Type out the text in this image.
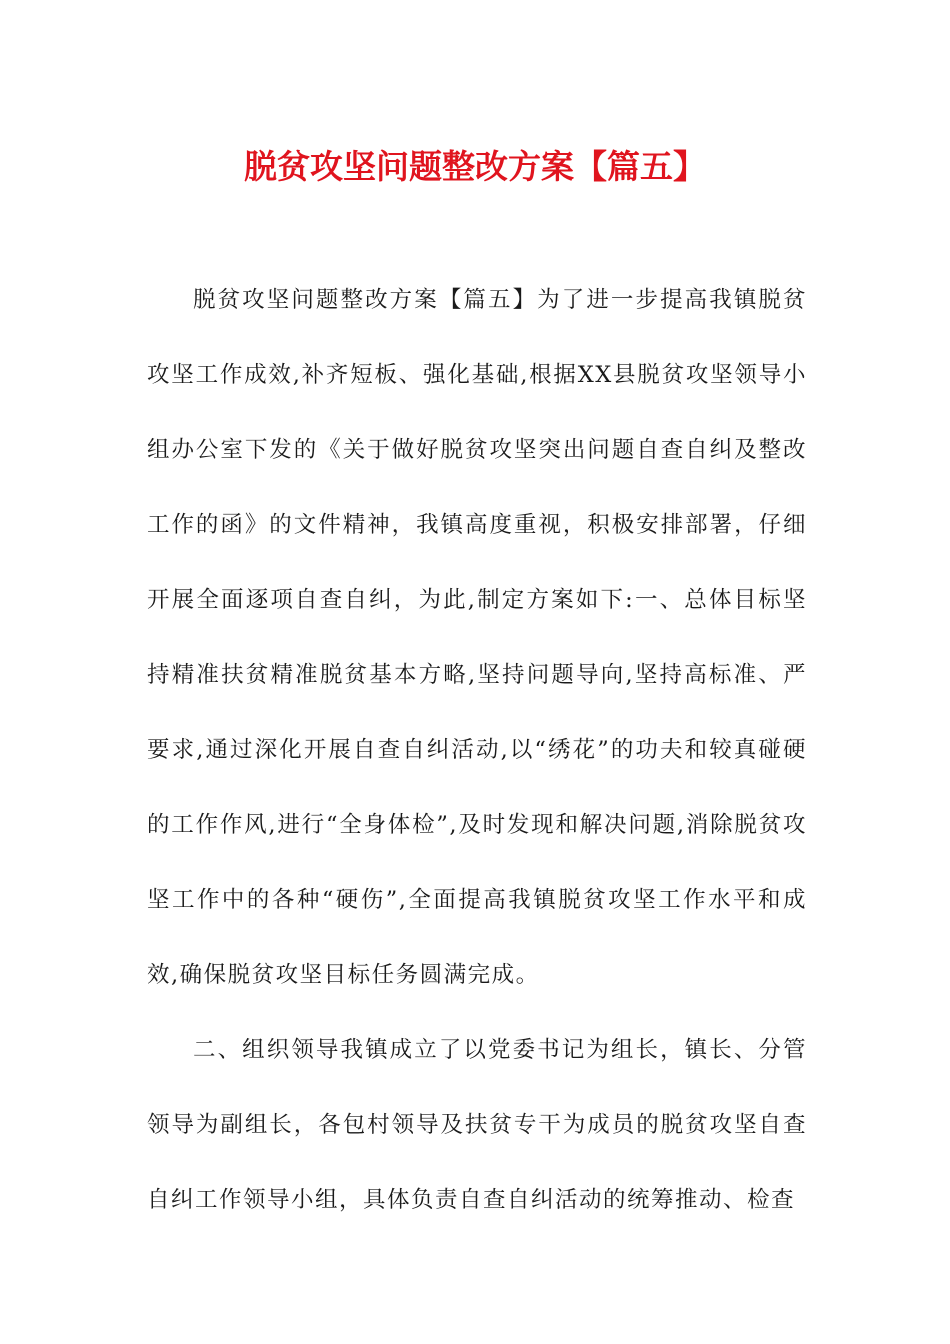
脱贫攻坚问题整改方案【篇五】

脱贫攻坚问题整改方案【篇五】为了进一步提高我镇脱贫攻坚工作成效,补齐短板、强化基础,根据XX县脱贫攻坚领导小组办公室下发的《关于做好脱贫攻坚突出问题自查自纠及整改工作的函》的文件精神，我镇高度重视，积极安排部署，仔细开展全面逐项自查自纠，为此,制定方案如下:一、总体目标坚持精准扶贫精准脱贫基本方略,坚持问题导向,坚持高标准、严要求,通过深化开展自查自纠活动,以“绣花”的功夫和较真碰硬的工作作风,进行“全身体检”,及时发现和解决问题,消除脱贫攻坚工作中的各种“硬伤”,全面提高我镇脱贫攻坚工作水平和成效,确保脱贫攻坚目标任务圆满完成。

二、组织领导我镇成立了以党委书记为组长，镇长、分管领导为副组长，各包村领导及扶贫专干为成员的脱贫攻坚自查自纠工作领导小组，具体负责自查自纠活动的统筹推动、检查
